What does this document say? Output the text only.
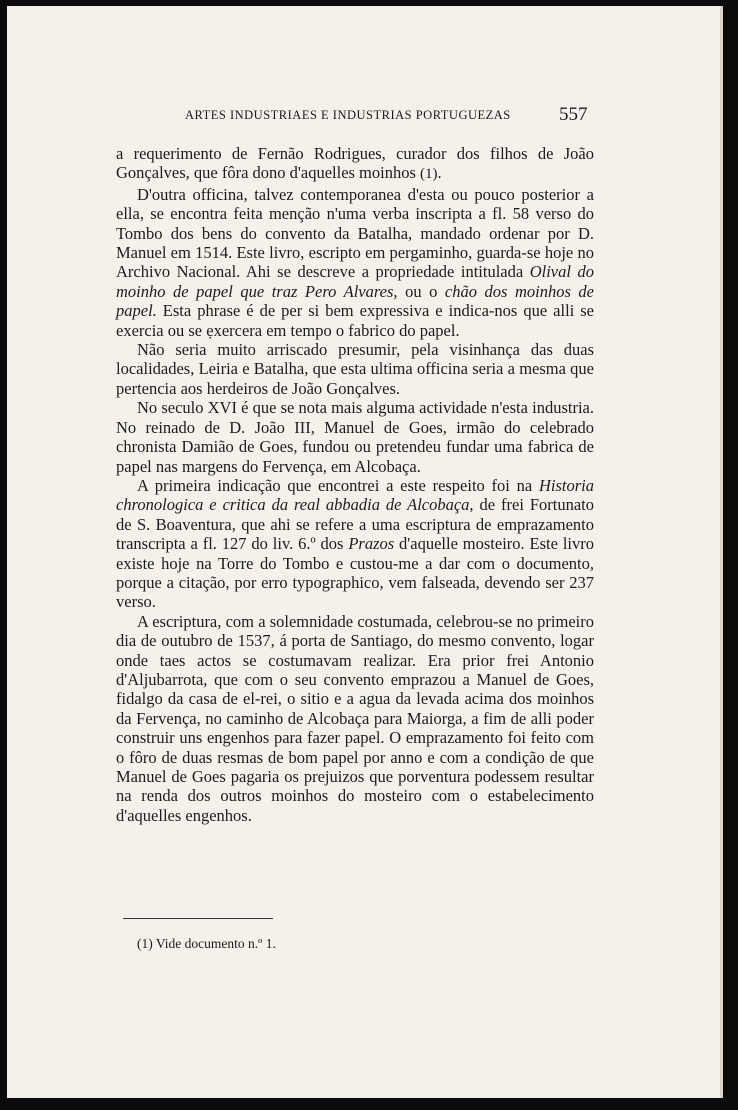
ARTES INDUSTRIAES E INDUSTRIAS PORTUGUEZAS	557

a requerimento de Fernão Rodrigues, curador dos filhos de João Gonçalves, que fôra dono d'aquelles moinhos (1).

D'outra officina, talvez contemporanea d'esta ou pouco posterior a ella, se encontra feita menção n'uma verba inscripta a fl. 58 verso do Tombo dos bens do convento da Batalha, mandado ordenar por D. Manuel em 1514. Este livro, escripto em pergaminho, guarda-se hoje no Archivo Nacional. Ahi se descreve a propriedade intitulada Olival do moinho de papel que traz Pero Alvares, ou o chão dos moinhos de papel. Esta phrase é de per si bem expressiva e indica-nos que alli se exercia ou se ẹxercera em tempo o fabrico do papel.

Não seria muito arriscado presumir, pela visinhança das duas localidades, Leiria e Batalha, que esta ultima officina seria a mesma que pertencia aos herdeiros de João Gonçalves.

No seculo XVI é que se nota mais alguma actividade n'esta industria. No reinado de D. João III, Manuel de Goes, irmão do celebrado chronista Damião de Goes, fundou ou pretendeu fundar uma fabrica de papel nas margens do Fervença, em Alcobaça.

A primeira indicação que encontrei a este respeito foi na Historia chronologica e critica da real abbadia de Alcobaça, de frei Fortunato de S. Boaventura, que ahi se refere a uma escriptura de emprazamento transcripta a fl. 127 do liv. 6.º dos Prazos d'aquelle mosteiro. Este livro existe hoje na Torre do Tombo e custou-me a dar com o documento, porque a citação, por erro typographico, vem falseada, devendo ser 237 verso.

A escriptura, com a solemnidade costumada, celebrou-se no primeiro dia de outubro de 1537, á porta de Santiago, do mesmo convento, logar onde taes actos se costumavam realizar. Era prior frei Antonio d'Aljubarrota, que com o seu convento emprazou a Manuel de Goes, fidalgo da casa de el-rei, o sitio e a agua da levada acima dos moinhos da Fervença, no caminho de Alcobaça para Maiorga, a fim de alli poder construir uns engenhos para fazer papel. O emprazamento foi feito com o fôro de duas resmas de bom papel por anno e com a condição de que Manuel de Goes pagaria os prejuizos que porventura podessem resultar na renda dos outros moinhos do mosteiro com o estabelecimento d'aquelles engenhos.

(1) Vide documento n.º 1.
